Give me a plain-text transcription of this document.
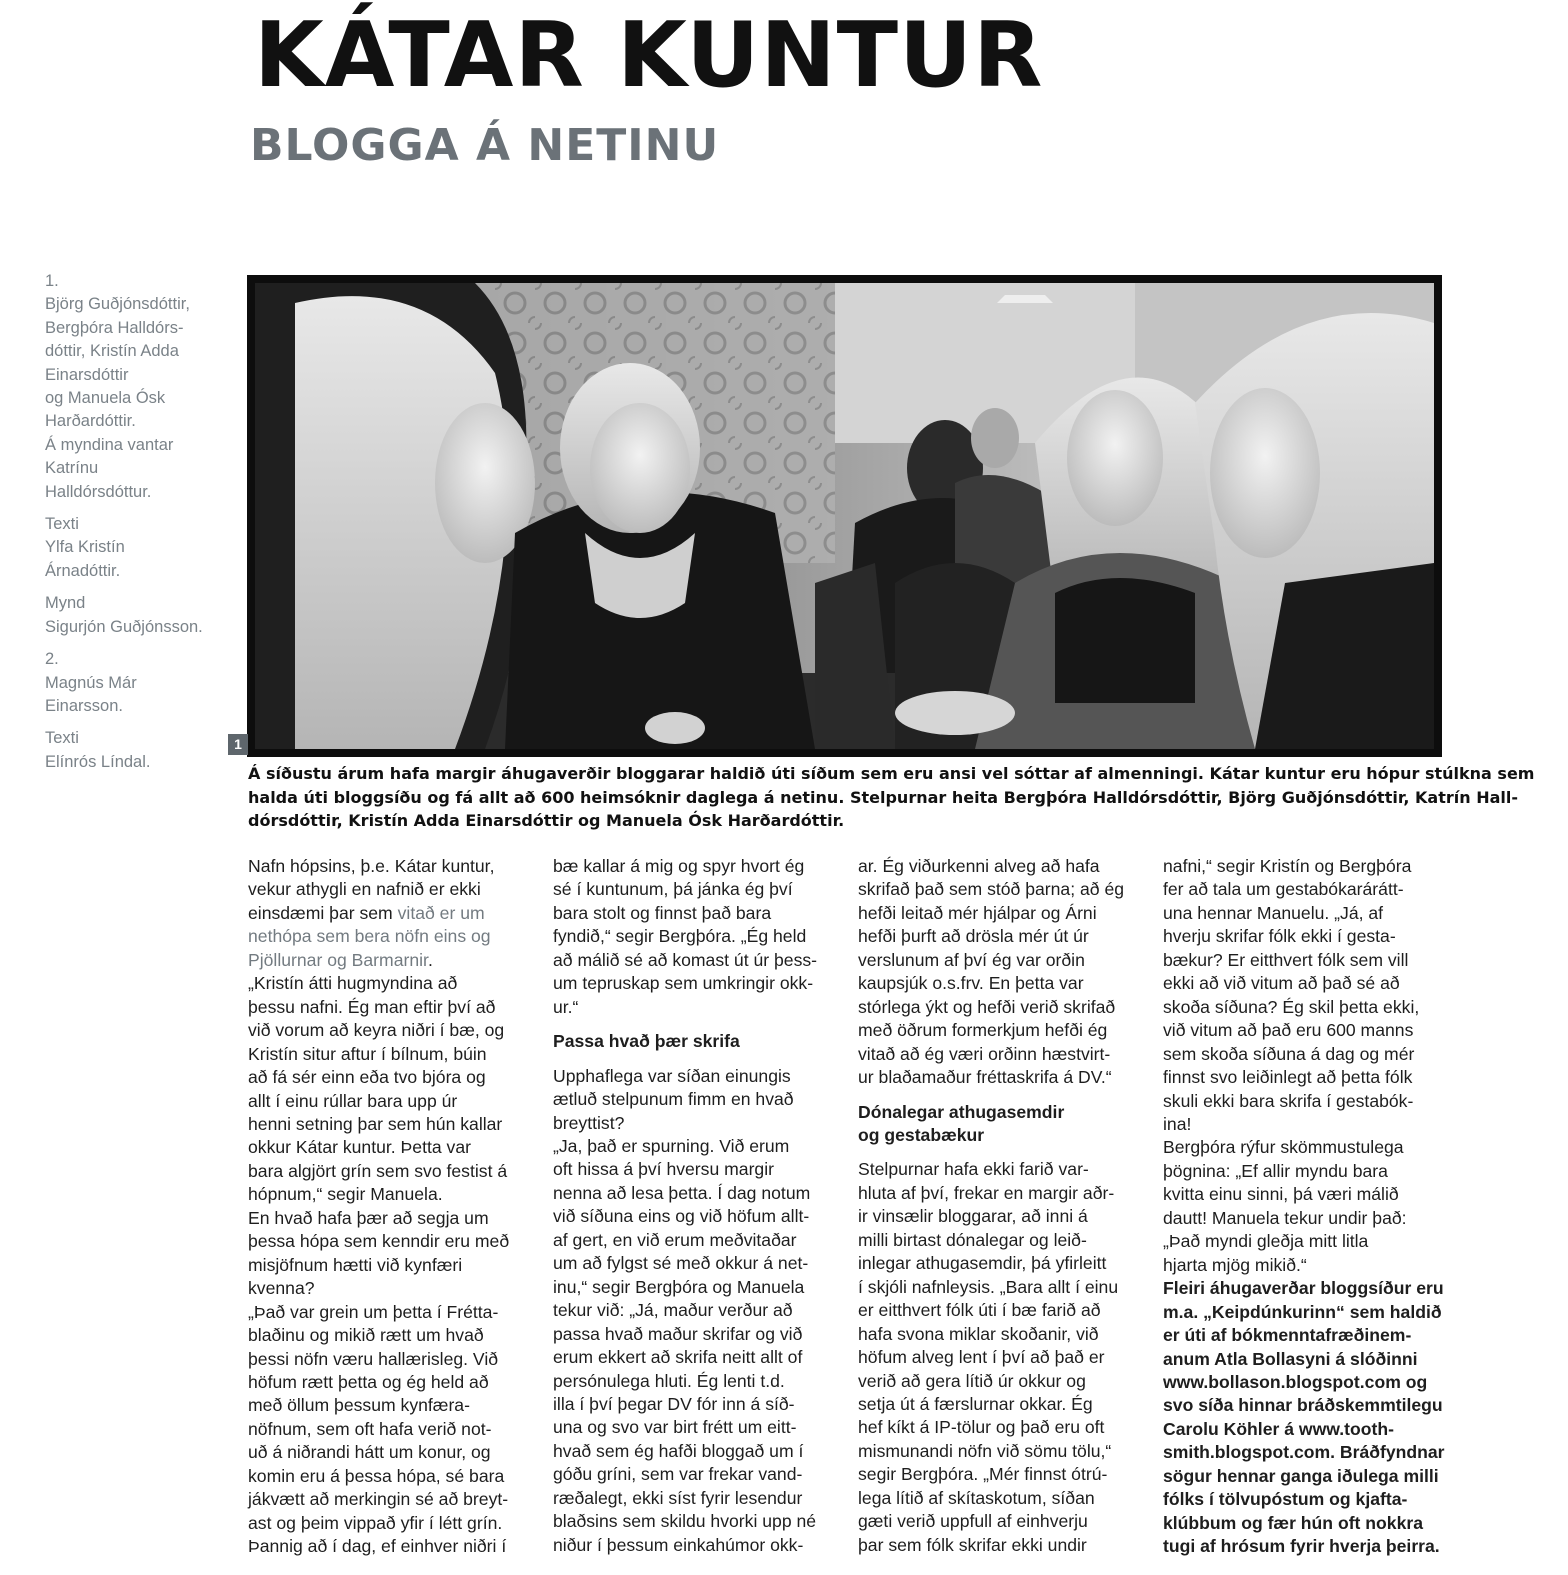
KÁTAR KUNTUR
BLOGGA Á NETINU
1.
Björg Guðjónsdóttir,
Bergþóra Halldórs-
dóttir, Kristín Adda
Einarsdóttir
og Manuela Ósk
Harðardóttir.
Á myndina vantar
Katrínu
Halldórsdóttur.
Texti
Ylfa Kristín
Árnadóttir.
Mynd
Sigurjón Guðjónsson.
2.
Magnús Már
Einarsson.
Texti
Elínrós Líndal.
1
Á síðustu árum hafa margir áhugaverðir bloggarar haldið úti síðum sem eru ansi vel sóttar af almenningi. Kátar kuntur eru hópur stúlkna sem
halda úti bloggsíðu og fá allt að 600 heimsóknir daglega á netinu. Stelpurnar heita Bergþóra Halldórsdóttir, Björg Guðjónsdóttir, Katrín Hall-
dórsdóttir, Kristín Adda Einarsdóttir og Manuela Ósk Harðardóttir.
Nafn hópsins, þ.e. Kátar kuntur,
vekur athygli en nafnið er ekki
einsdæmi þar sem vitað er um
nethópa sem bera nöfn eins og
Pjöllurnar og Barmarnir.
„Kristín átti hugmyndina að
þessu nafni. Ég man eftir því að
við vorum að keyra niðri í bæ, og
Kristín situr aftur í bílnum, búin
að fá sér einn eða tvo bjóra og
allt í einu rúllar bara upp úr
henni setning þar sem hún kallar
okkur Kátar kuntur. Þetta var
bara algjört grín sem svo festist á
hópnum,“ segir Manuela.
En hvað hafa þær að segja um
þessa hópa sem kenndir eru með
misjöfnum hætti við kynfæri
kvenna?
„Það var grein um þetta í Frétta-
blaðinu og mikið rætt um hvað
þessi nöfn væru hallærisleg. Við
höfum rætt þetta og ég held að
með öllum þessum kynfæra-
nöfnum, sem oft hafa verið not-
uð á niðrandi hátt um konur, og
komin eru á þessa hópa, sé bara
jákvætt að merkingin sé að breyt-
ast og þeim vippað yfir í létt grín.
Þannig að í dag, ef einhver niðri í
bæ kallar á mig og spyr hvort ég
sé í kuntunum, þá jánka ég því
bara stolt og finnst það bara
fyndið,“ segir Bergþóra. „Ég held
að málið sé að komast út úr þess-
um tepruskap sem umkringir okk-
ur.“
Passa hvað þær skrifa
Upphaflega var síðan einungis
ætluð stelpunum fimm en hvað
breyttist?
„Ja, það er spurning. Við erum
oft hissa á því hversu margir
nenna að lesa þetta. Í dag notum
við síðuna eins og við höfum allt-
af gert, en við erum meðvitaðar
um að fylgst sé með okkur á net-
inu,“ segir Bergþóra og Manuela
tekur við: „Já, maður verður að
passa hvað maður skrifar og við
erum ekkert að skrifa neitt allt of
persónulega hluti. Ég lenti t.d.
illa í því þegar DV fór inn á síð-
una og svo var birt frétt um eitt-
hvað sem ég hafði bloggað um í
góðu gríni, sem var frekar vand-
ræðalegt, ekki síst fyrir lesendur
blaðsins sem skildu hvorki upp né
niður í þessum einkahúmor okk-
ar. Ég viðurkenni alveg að hafa
skrifað það sem stóð þarna; að ég
hefði leitað mér hjálpar og Árni
hefði þurft að drösla mér út úr
verslunum af því ég var orðin
kaupsjúk o.s.frv. En þetta var
stórlega ýkt og hefði verið skrifað
með öðrum formerkjum hefði ég
vitað að ég væri orðinn hæstvirt-
ur blaðamaður fréttaskrifa á DV.“
Dónalegar athugasemdir
og gestabækur
Stelpurnar hafa ekki farið var-
hluta af því, frekar en margir aðr-
ir vinsælir bloggarar, að inni á
milli birtast dónalegar og leið-
inlegar athugasemdir, þá yfirleitt
í skjóli nafnleysis. „Bara allt í einu
er eitthvert fólk úti í bæ farið að
hafa svona miklar skoðanir, við
höfum alveg lent í því að það er
verið að gera lítið úr okkur og
setja út á færslurnar okkar. Ég
hef kíkt á IP-tölur og það eru oft
mismunandi nöfn við sömu tölu,“
segir Bergþóra. „Mér finnst ótrú-
lega lítið af skítaskotum, síðan
gæti verið uppfull af einhverju
þar sem fólk skrifar ekki undir
nafni,“ segir Kristín og Bergþóra
fer að tala um gestabókarárátt-
una hennar Manuelu. „Já, af
hverju skrifar fólk ekki í gesta-
bækur? Er eitthvert fólk sem vill
ekki að við vitum að það sé að
skoða síðuna? Ég skil þetta ekki,
við vitum að það eru 600 manns
sem skoða síðuna á dag og mér
finnst svo leiðinlegt að þetta fólk
skuli ekki bara skrifa í gestabók-
ina!
Bergþóra rýfur skömmustulega
þögnina: „Ef allir myndu bara
kvitta einu sinni, þá væri málið
dautt! Manuela tekur undir það:
„Það myndi gleðja mitt litla
hjarta mjög mikið.“
Fleiri áhugaverðar bloggsíður eru
m.a. „Keipdúnkurinn“ sem haldið
er úti af bókmenntafræðinem-
anum Atla Bollasyni á slóðinni
www.bollason.blogspot.com og
svo síða hinnar bráðskemmtilegu
Carolu Köhler á www.tooth-
smith.blogspot.com. Bráðfyndnar
sögur hennar ganga iðulega milli
fólks í tölvupóstum og kjafta-
klúbbum og fær hún oft nokkra
tugi af hrósum fyrir hverja þeirra.
